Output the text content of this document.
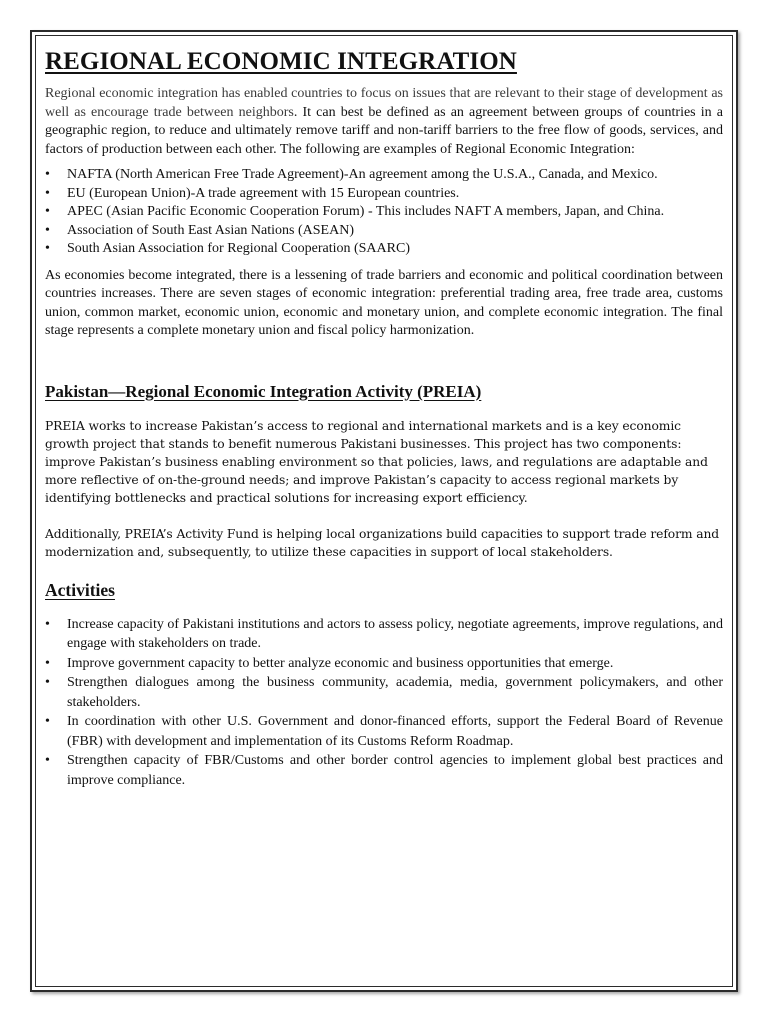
REGIONAL ECONOMIC INTEGRATION

Regional economic integration has enabled countries to focus on issues that are relevant to their stage of development as well as encourage trade between neighbors. It can best be defined as an agreement between groups of countries in a geographic region, to reduce and ultimately remove tariff and non-tariff barriers to the free flow of goods, services, and factors of production between each other. The following are examples of Regional Economic Integration:

•	NAFTA (North American Free Trade Agreement)-An agreement among the U.S.A., Canada, and Mexico.
•	EU (European Union)-A trade agreement with 15 European countries.
•	APEC (Asian Pacific Economic Cooperation Forum) - This includes NAFT A members, Japan, and China.
•	Association of South East Asian Nations (ASEAN)
•	South Asian Association for Regional Cooperation (SAARC)

As economies become integrated, there is a lessening of trade barriers and economic and political coordination between countries increases. There are seven stages of economic integration: preferential trading area, free trade area, customs union, common market, economic union, economic and monetary union, and complete economic integration. The final stage represents a complete monetary union and fiscal policy harmonization.

Pakistan—Regional Economic Integration Activity (PREIA)

PREIA works to increase Pakistan’s access to regional and international markets and is a key economic growth project that stands to benefit numerous Pakistani businesses. This project has two components: improve Pakistan’s business enabling environment so that policies, laws, and regulations are adaptable and more reflective of on-the-ground needs; and improve Pakistan’s capacity to access regional markets by identifying bottlenecks and practical solutions for increasing export efficiency.

Additionally, PREIA’s Activity Fund is helping local organizations build capacities to support trade reform and modernization and, subsequently, to utilize these capacities in support of local stakeholders.

Activities
•	Increase capacity of Pakistani institutions and actors to assess policy, negotiate agreements, improve regulations, and engage with stakeholders on trade.
•	Improve government capacity to better analyze economic and business opportunities that emerge.
•	Strengthen dialogues among the business community, academia, media, government policymakers, and other stakeholders.
•	In coordination with other U.S. Government and donor-financed efforts, support the Federal Board of Revenue (FBR) with development and implementation of its Customs Reform Roadmap.
•	Strengthen capacity of FBR/Customs and other border control agencies to implement global best practices and improve compliance.
